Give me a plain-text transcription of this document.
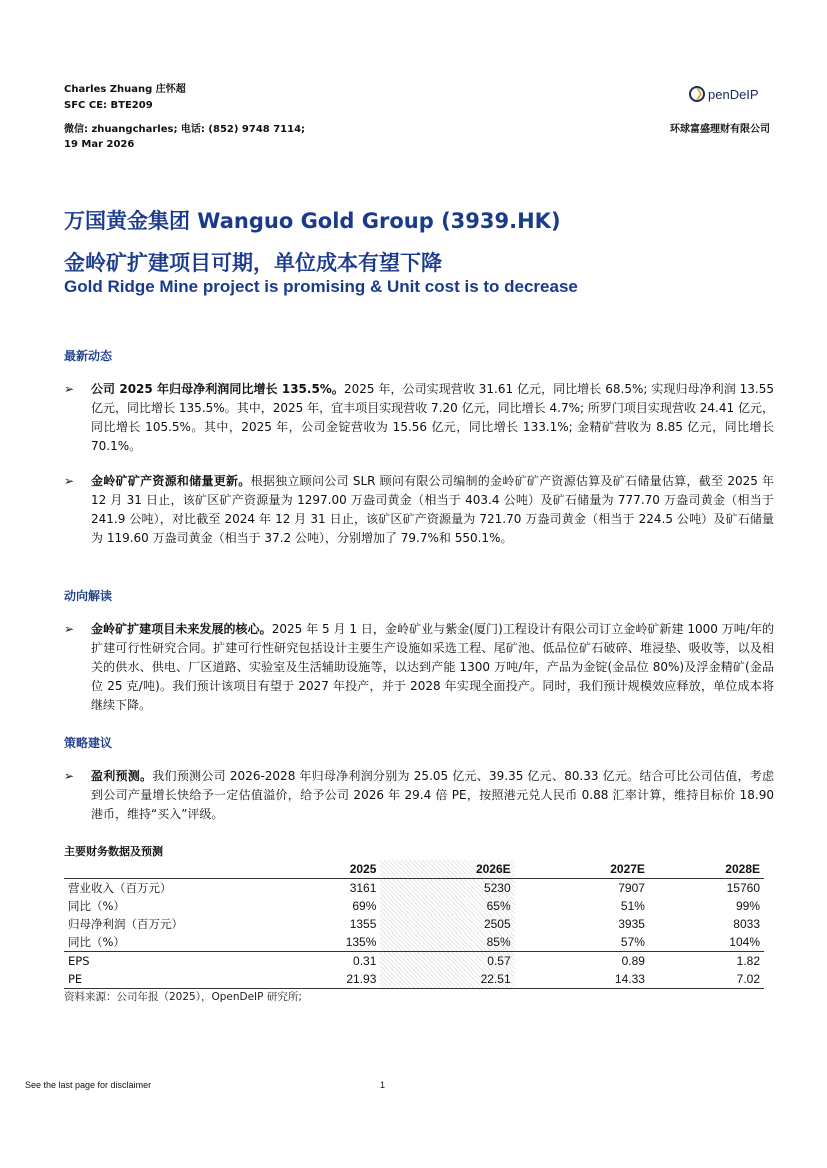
Charles Zhuang 庄怀超
SFC CE: BTE209
微信: zhuangcharles; 电话: (852) 9748 7114;
19 Mar 2026
penDeIP
环球富盛理财有限公司
万国黄金集团 Wanguo Gold Group (3939.HK)
金岭矿扩建项目可期，单位成本有望下降
Gold Ridge Mine project is promising & Unit cost is to decrease
最新动态
➢	公司 2025 年归母净利润同比增长 135.5%。2025 年，公司实现营收 31.61 亿元，同比增长 68.5%; 实现归母净利润 13.55 亿元，同比增长 135.5%。其中，2025 年，宜丰项目实现营收 7.20 亿元，同比增长 4.7%; 所罗门项目实现营收 24.41 亿元，同比增长 105.5%。其中，2025 年，公司金锭营收为 15.56 亿元，同比增长 133.1%; 金精矿营收为 8.85 亿元，同比增长 70.1%。
➢	金岭矿矿产资源和储量更新。根据独立顾问公司 SLR 顾问有限公司编制的金岭矿矿产资源估算及矿石储量估算，截至 2025 年 12 月 31 日止，该矿区矿产资源量为 1297.00 万盎司黄金（相当于 403.4 公吨）及矿石储量为 777.70 万盎司黄金（相当于 241.9 公吨），对比截至 2024 年 12 月 31 日止，该矿区矿产资源量为 721.70 万盎司黄金（相当于 224.5 公吨）及矿石储量为 119.60 万盎司黄金（相当于 37.2 公吨），分别增加了 79.7%和 550.1%。
动向解读
➢	金岭矿扩建项目未来发展的核心。2025 年 5 月 1 日，金岭矿业与紫金(厦门)工程设计有限公司订立金岭矿新建 1000 万吨/年的扩建可行性研究合同。扩建可行性研究包括设计主要生产设施如采选工程、尾矿池、低品位矿石破碎、堆浸垫、吸收等，以及相关的供水、供电、厂区道路、实验室及生活辅助设施等，以达到产能 1300 万吨/年，产品为金锭(金品位 80%)及浮金精矿(金品位 25 克/吨)。我们预计该项目有望于 2027 年投产，并于 2028 年实现全面投产。同时，我们预计规模效应释放，单位成本将继续下降。
策略建议
➢	盈利预测。我们预测公司 2026-2028 年归母净利润分别为 25.05 亿元、39.35 亿元、80.33 亿元。结合可比公司估值，考虑到公司产量增长快给予一定估值溢价，给予公司 2026 年 29.4 倍 PE，按照港元兑人民币 0.88 汇率计算，维持目标价 18.90 港币，维持“买入”评级。
主要财务数据及预测
	2025	2026E	2027E	2028E
营业收入（百万元）	3161	5230	7907	15760
同比（%）	69%	65%	51%	99%
归母净利润（百万元）	1355	2505	3935	8033
同比（%）	135%	85%	57%	104%
EPS	0.31	0.57	0.89	1.82
PE	21.93	22.51	14.33	7.02
资料来源：公司年报（2025），OpenDeIP 研究所;
See the last page for disclaimer	1
